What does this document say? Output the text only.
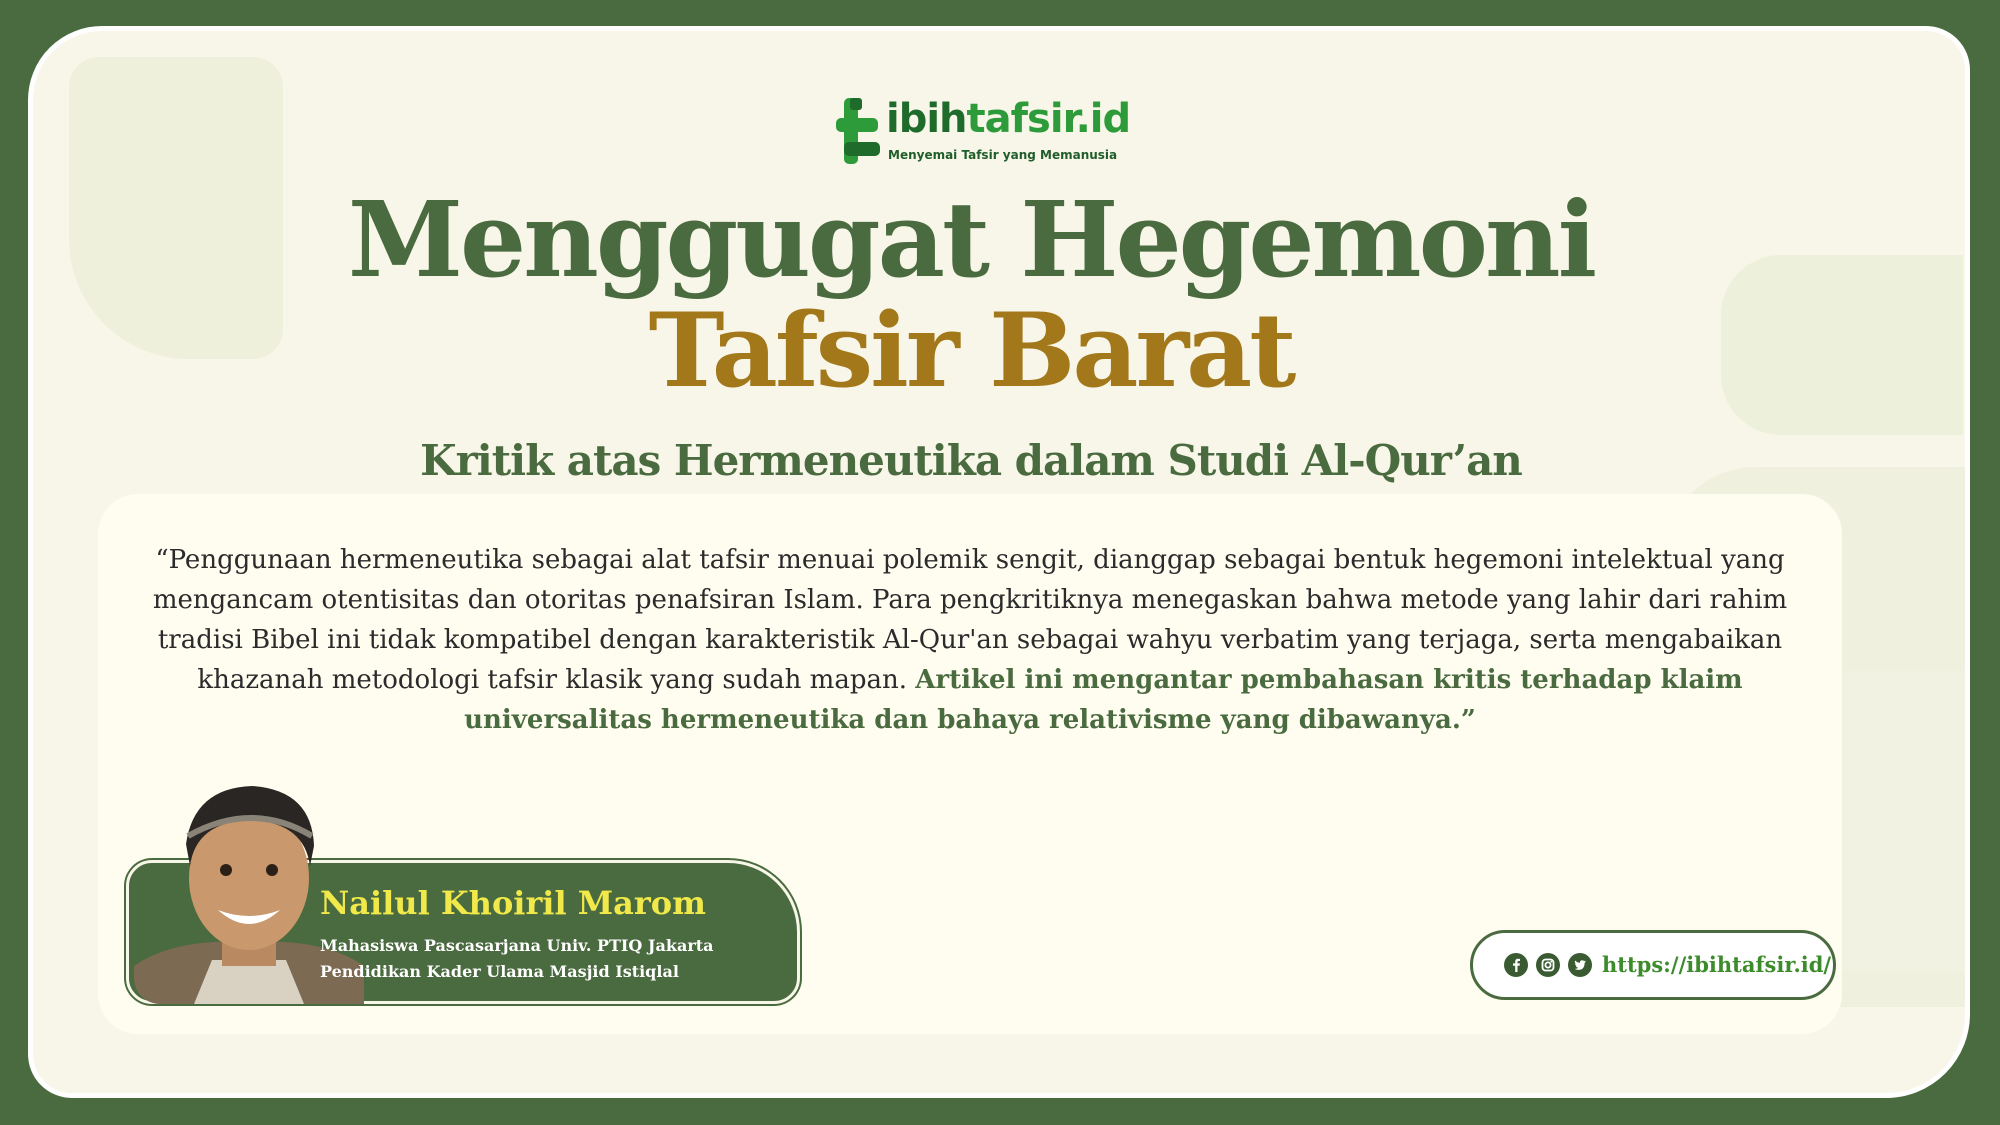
ibihtafsir.id
Menyemai Tafsir yang Memanusia
Menggugat Hegemoni
Tafsir Barat
Kritik atas Hermeneutika dalam Studi Al-Qur’an
“Penggunaan hermeneutika sebagai alat tafsir menuai polemik sengit, dianggap sebagai bentuk hegemoni intelektual yang mengancam otentisitas dan otoritas penafsiran Islam. Para pengkritiknya menegaskan bahwa metode yang lahir dari rahim tradisi Bibel ini tidak kompatibel dengan karakteristik Al-Qur'an sebagai wahyu verbatim yang terjaga, serta mengabaikan khazanah metodologi tafsir klasik yang sudah mapan. Artikel ini mengantar pembahasan kritis terhadap klaim universalitas hermeneutika dan bahaya relativisme yang dibawanya.”
Nailul Khoiril Marom
Mahasiswa Pascasarjana Univ. PTIQ Jakarta
Pendidikan Kader Ulama Masjid Istiqlal	https://ibihtafsir.id/
